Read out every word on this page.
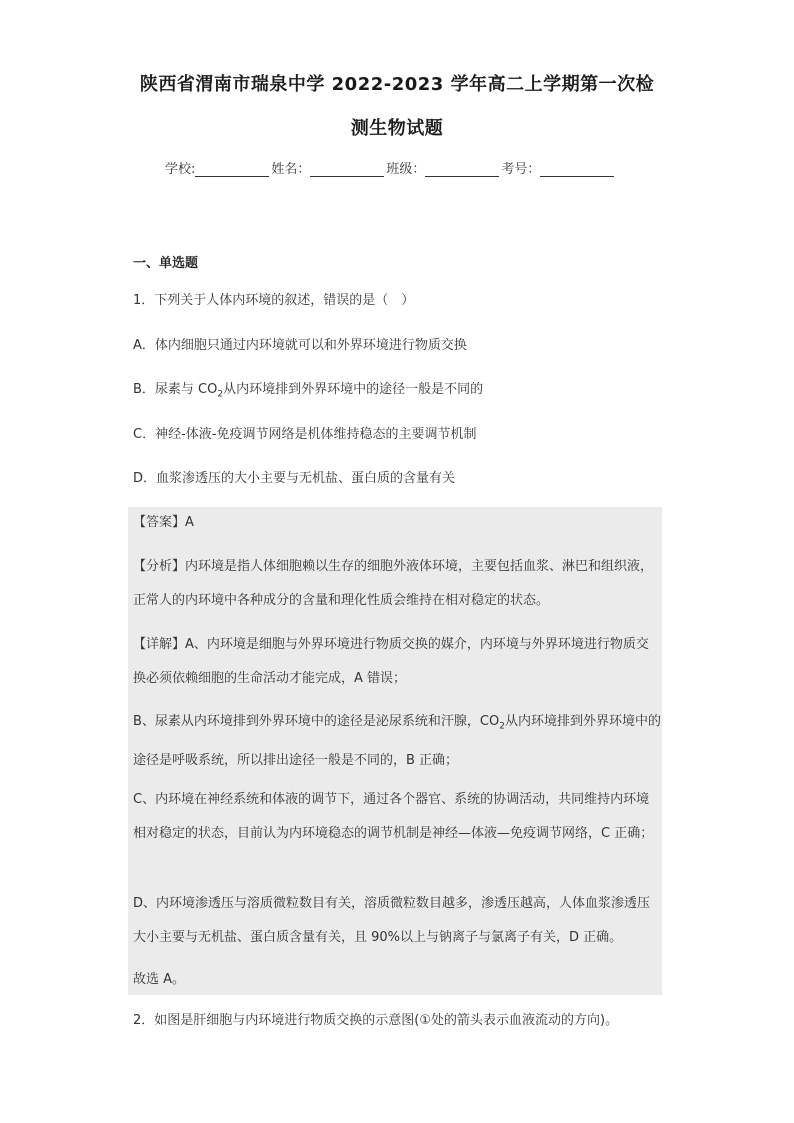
陕西省渭南市瑞泉中学 2022-2023 学年高二上学期第一次检
测生物试题
学校:	姓名：	班级：	考号：
一、单选题
1．下列关于人体内环境的叙述，错误的是（　）
A．体内细胞只通过内环境就可以和外界环境进行物质交换
B．尿素与 $CO_2$从内环境排到外界环境中的途径一般是不同的
C．神经-体液-免疫调节网络是机体维持稳态的主要调节机制
D．血浆渗透压的大小主要与无机盐、蛋白质的含量有关
【答案】A
【分析】内环境是指人体细胞赖以生存的细胞外液体环境，主要包括血浆、淋巴和组织液，正常人的内环境中各种成分的含量和理化性质会维持在相对稳定的状态。
【详解】A、内环境是细胞与外界环境进行物质交换的媒介，内环境与外界环境进行物质交换必须依赖细胞的生命活动才能完成，A 错误；
B、尿素从内环境排到外界环境中的途径是泌尿系统和汗腺，$CO_2$从内环境排到外界环境中的途径是呼吸系统，所以排出途径一般是不同的，B 正确；
C、内环境在神经系统和体液的调节下，通过各个器官、系统的协调活动，共同维持内环境相对稳定的状态，目前认为内环境稳态的调节机制是神经—体液—免疫调节网络，C 正确；
D、内环境渗透压与溶质微粒数目有关，溶质微粒数目越多，渗透压越高，人体血浆渗透压大小主要与无机盐、蛋白质含量有关，且 90%以上与钠离子与氯离子有关，D 正确。
故选 A。
2．如图是肝细胞与内环境进行物质交换的示意图(①处的箭头表示血液流动的方向)。
